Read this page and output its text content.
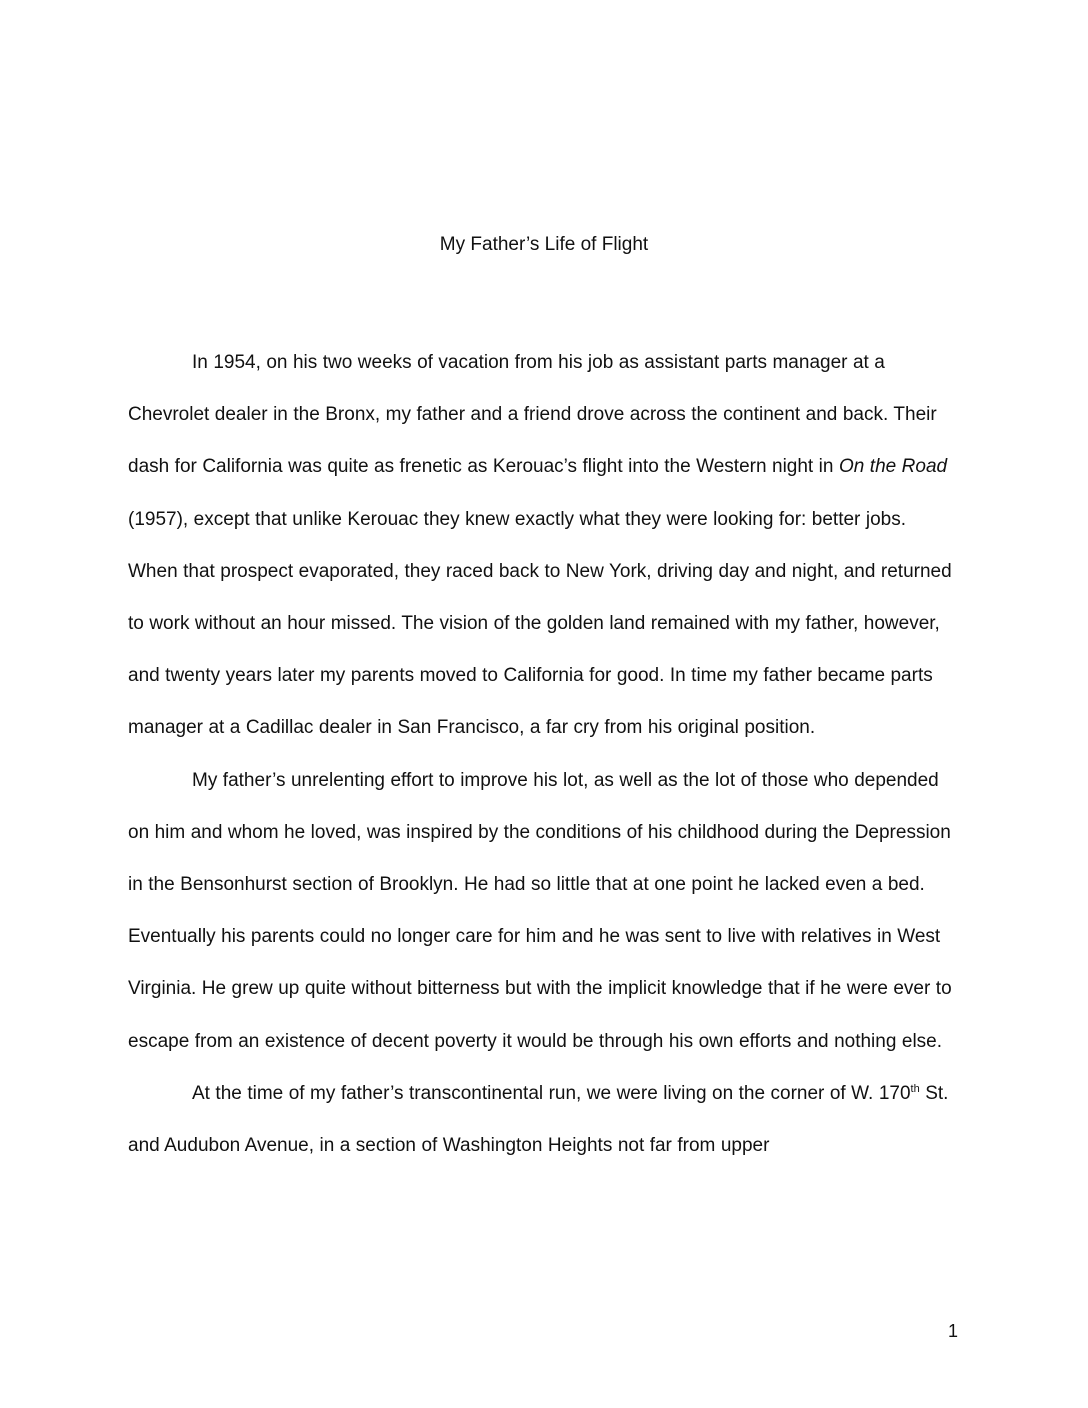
My Father’s Life of Flight

In 1954, on his two weeks of vacation from his job as assistant parts manager at a Chevrolet dealer in the Bronx, my father and a friend drove across the continent and back. Their dash for California was quite as frenetic as Kerouac’s flight into the Western night in On the Road (1957), except that unlike Kerouac they knew exactly what they were looking for: better jobs. When that prospect evaporated, they raced back to New York, driving day and night, and returned to work without an hour missed. The vision of the golden land remained with my father, however, and twenty years later my parents moved to California for good. In time my father became parts manager at a Cadillac dealer in San Francisco, a far cry from his original position.

My father’s unrelenting effort to improve his lot, as well as the lot of those who depended on him and whom he loved, was inspired by the conditions of his childhood during the Depression in the Bensonhurst section of Brooklyn. He had so little that at one point he lacked even a bed. Eventually his parents could no longer care for him and he was sent to live with relatives in West Virginia. He grew up quite without bitterness but with the implicit knowledge that if he were ever to escape from an existence of decent poverty it would be through his own efforts and nothing else.

At the time of my father’s transcontinental run, we were living on the corner of W. 170th St. and Audubon Avenue, in a section of Washington Heights not far from upper

1
